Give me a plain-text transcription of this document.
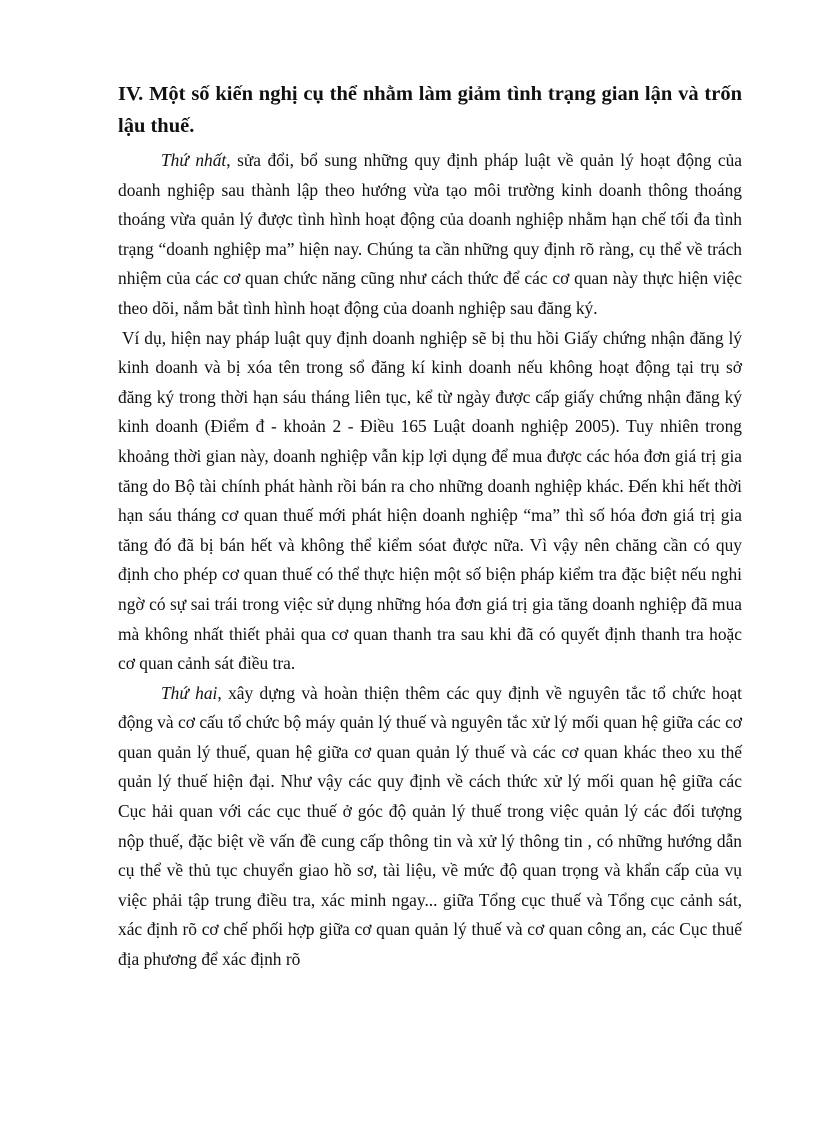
IV. Một số kiến nghị cụ thể nhằm làm giảm tình trạng gian lận và trốn lậu thuế.

Thứ nhất, sửa đổi, bổ sung những quy định pháp luật về quản lý hoạt động của doanh nghiệp sau thành lập theo hướng vừa tạo môi trường kinh doanh thông thoáng thoáng vừa quản lý được tình hình hoạt động của doanh nghiệp nhằm hạn chế tối đa tình trạng “doanh nghiệp ma” hiện nay. Chúng ta cần những quy định rõ ràng, cụ thể về trách nhiệm của các cơ quan chức năng cũng như cách thức để các cơ quan này thực hiện việc theo dõi, nắm bắt tình hình hoạt động của doanh nghiệp sau đăng ký.

Ví dụ, hiện nay pháp luật quy định doanh nghiệp sẽ bị thu hồi Giấy chứng nhận đăng lý kinh doanh và bị xóa tên trong sổ đăng kí kinh doanh nếu không hoạt động tại trụ sở đăng ký trong thời hạn sáu tháng liên tục, kể từ ngày được cấp giấy chứng nhận đăng ký kinh doanh (Điểm đ - khoản 2 - Điều 165 Luật doanh nghiệp 2005). Tuy nhiên trong khoảng thời gian này, doanh nghiệp vẫn kịp lợi dụng để mua được các hóa đơn giá trị gia tăng do Bộ tài chính phát hành rồi bán ra cho những doanh nghiệp khác. Đến khi hết thời hạn sáu tháng cơ quan thuế mới phát hiện doanh nghiệp “ma” thì số hóa đơn giá trị gia tăng đó đã bị bán hết và không thể kiểm sóat được nữa. Vì vậy nên chăng cần có quy định cho phép cơ quan thuế có thể thực hiện một số biện pháp kiểm tra đặc biệt nếu nghi ngờ có sự sai trái trong việc sử dụng những hóa đơn giá trị gia tăng doanh nghiệp đã mua mà không nhất thiết phải qua cơ quan thanh tra sau khi đã có quyết định thanh tra hoặc cơ quan cảnh sát điều tra.

Thứ hai, xây dựng và hoàn thiện thêm các quy định về nguyên tắc tổ chức hoạt động và cơ cấu tổ chức bộ máy quản lý thuế và nguyên tắc xử lý mối quan hệ giữa các cơ quan quản lý thuế, quan hệ giữa cơ quan quản lý thuế và các cơ quan khác theo xu thế quản lý thuế hiện đại. Như vậy các quy định về cách thức xử lý mối quan hệ giữa các Cục hải quan với các cục thuế ở góc độ quản lý thuế trong việc quản lý các đối tượng nộp thuế, đặc biệt về vấn đề cung cấp thông tin và xử lý thông tin , có những hướng dẫn cụ thể về thủ tục chuyển giao hồ sơ, tài liệu, về mức độ quan trọng và khẩn cấp của vụ việc phải tập trung điều tra, xác minh ngay... giữa Tổng cục thuế và Tổng cục cảnh sát, xác định rõ cơ chế phối hợp giữa cơ quan quản lý thuế và cơ quan công an, các Cục thuế địa phương để xác định rõ
